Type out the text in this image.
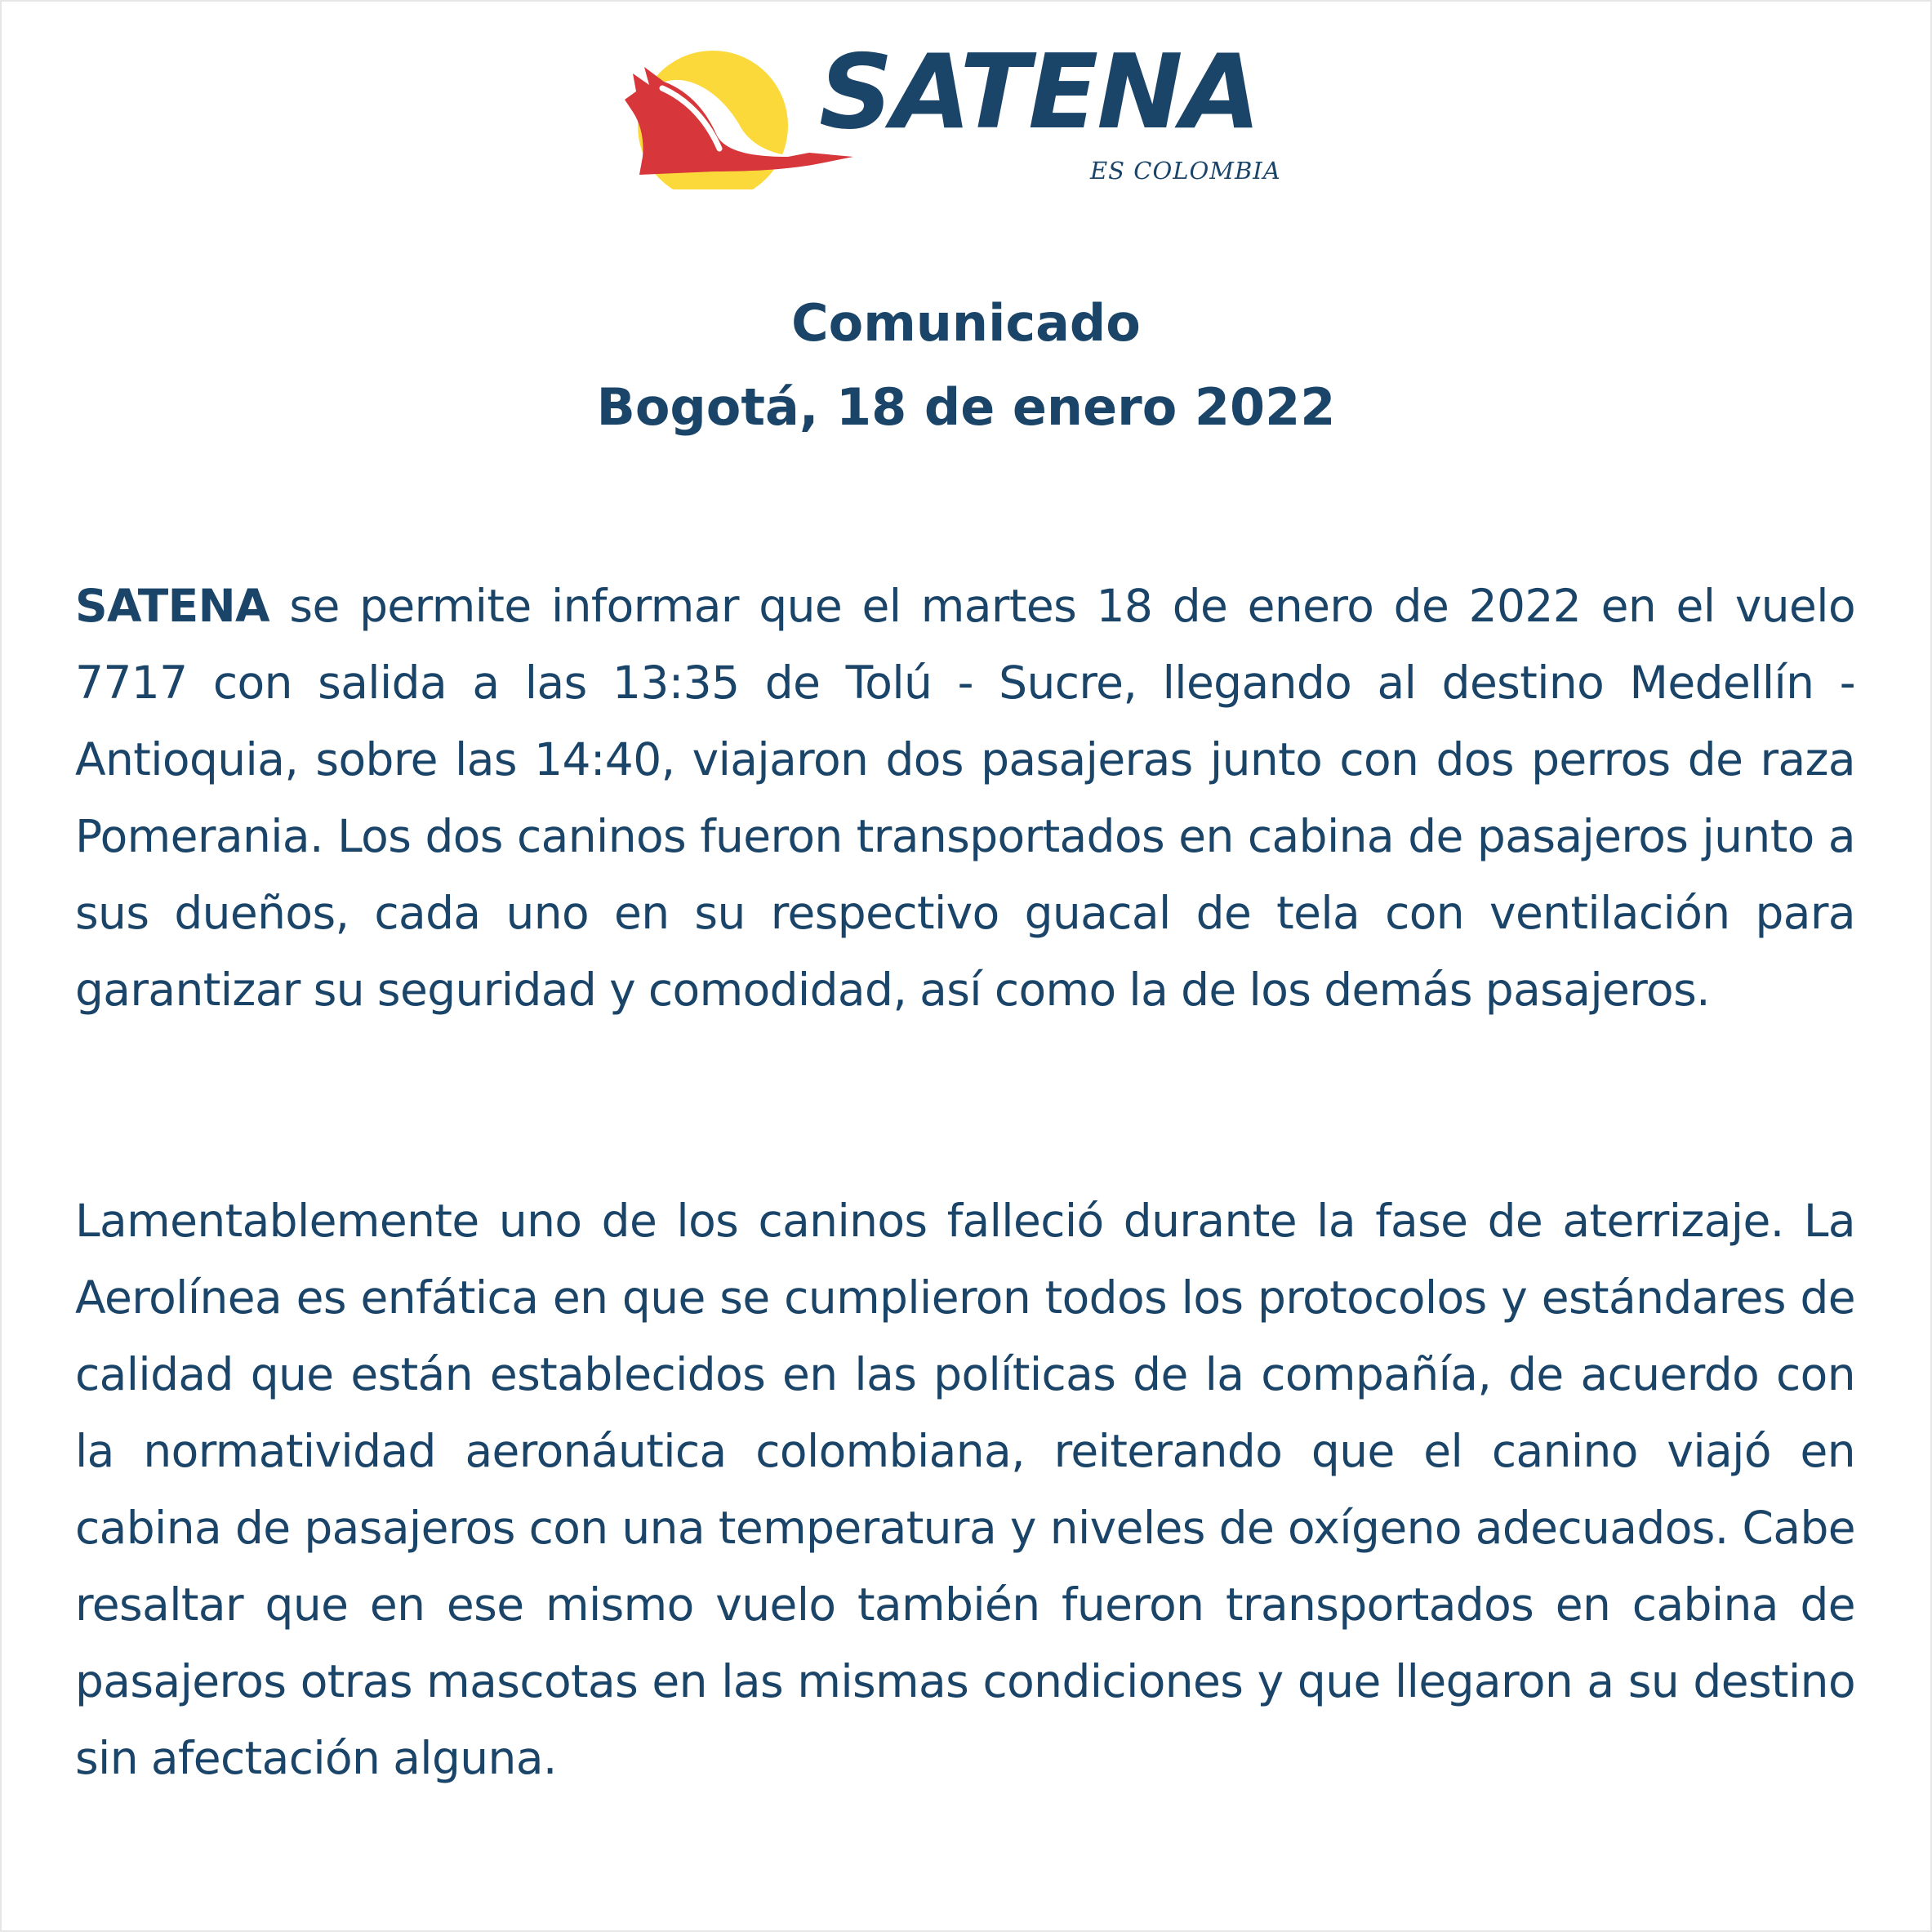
SATENA
ES COLOMBIA
Comunicado
Bogotá, 18 de enero 2022

SATENA se permite informar que el martes 18 de enero de 2022 en el vuelo 7717 con salida a las 13:35 de Tolú - Sucre, llegando al destino Medellín - Antioquia, sobre las 14:40, viajaron dos pasajeras junto con dos perros de raza Pomerania. Los dos caninos fueron transportados en cabina de pasajeros junto a sus dueños, cada uno en su respectivo guacal de tela con ventilación para garantizar su seguridad y comodidad, así como la de los demás pasajeros.

Lamentablemente uno de los caninos falleció durante la fase de aterrizaje. La Aerolínea es enfática en que se cumplieron todos los protocolos y estándares de calidad que están establecidos en las políticas de la compañía, de acuerdo con la normatividad aeronáutica colombiana, reiterando que el canino viajó en cabina de pasajeros con una temperatura y niveles de oxígeno adecuados. Cabe resaltar que en ese mismo vuelo también fueron transportados en cabina de pasajeros otras mascotas en las mismas condiciones y que llegaron a su destino sin afectación alguna.
